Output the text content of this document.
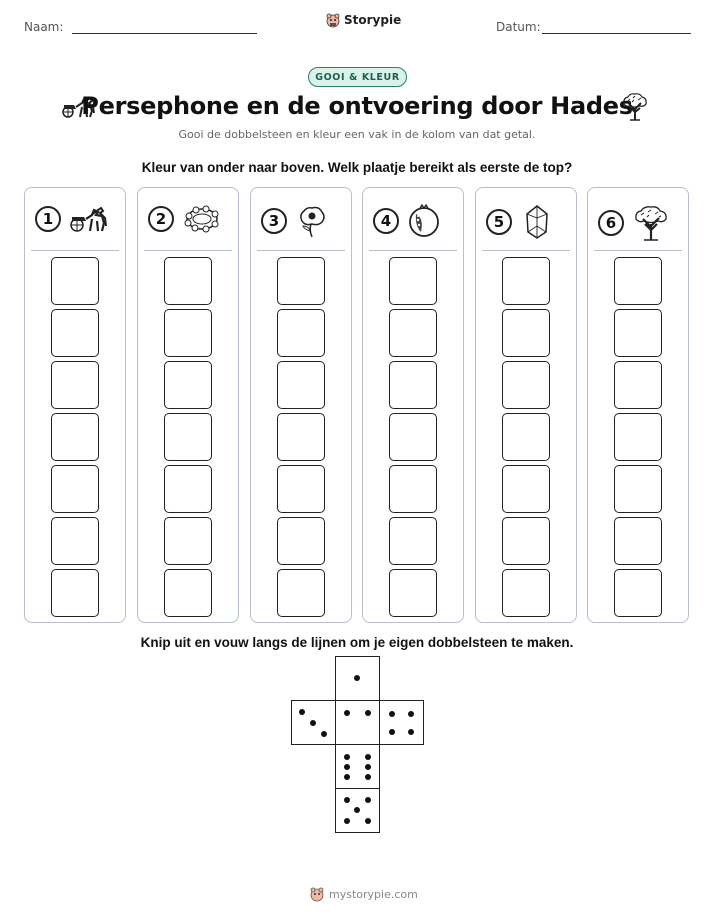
Naam:	Storypie	Datum:
GOOI & KLEUR
Persephone en de ontvoering door Hades
Gooi de dobbelsteen en kleur een vak in de kolom van dat getal.
Kleur van onder naar boven. Welk plaatje bereikt als eerste de top?
1	2	3	4	5	6
Knip uit en vouw langs de lijnen om je eigen dobbelsteen te maken.
mystorypie.com
